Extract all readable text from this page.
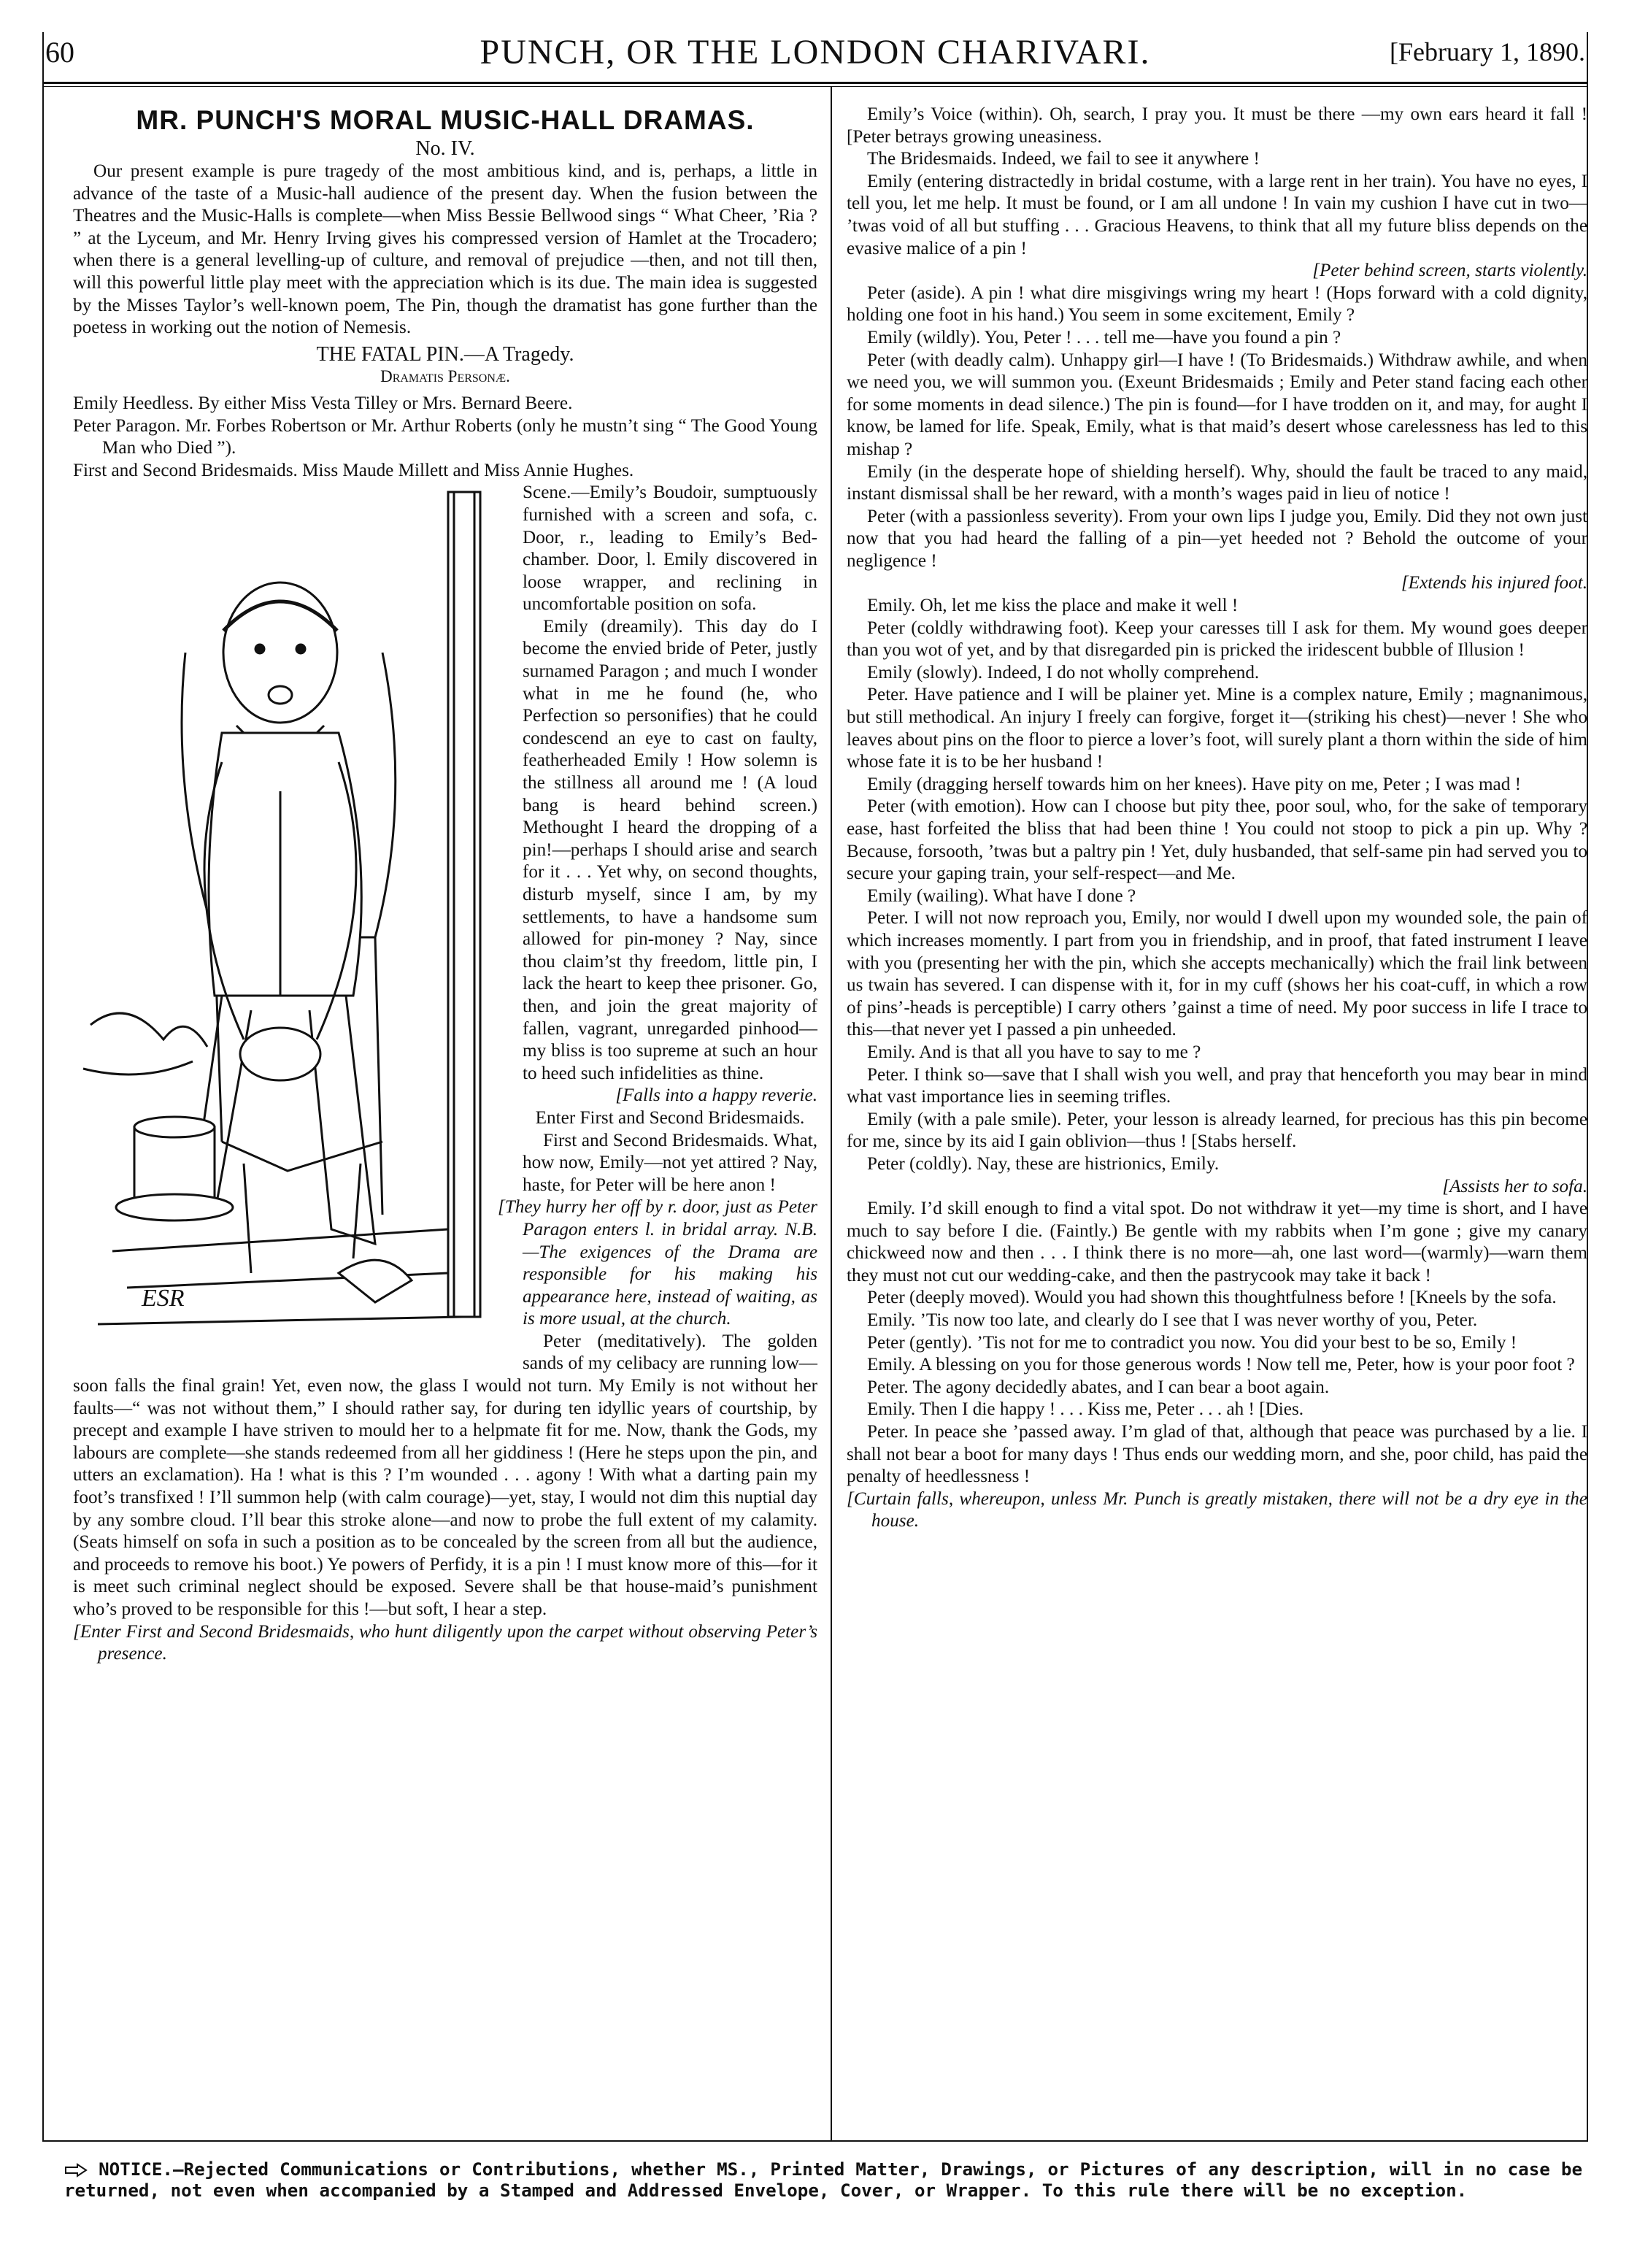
60	PUNCH, OR THE LONDON CHARIVARI.	[February 1, 1890.

MR. PUNCH'S MORAL MUSIC-HALL DRAMAS.

No. IV.

Our present example is pure tragedy of the most ambitious kind, and is, perhaps, a little in advance of the taste of a Music-hall audience of the present day. When the fusion between the Theatres and the Music-Halls is complete—when Miss Bessie Bellwood sings “ What Cheer, ’Ria ? ” at the Lyceum, and Mr. Henry Irving gives his compressed version of Hamlet at the Trocadero; when there is a general levelling-up of culture, and removal of prejudice —then, and not till then, will this powerful little play meet with the appreciation which is its due. The main idea is suggested by the Misses Taylor’s well-known poem, The Pin, though the dramatist has gone further than the poetess in working out the notion of Nemesis.

THE FATAL PIN.—A Tragedy.

Dramatis Personæ.

Emily Heedless. By either Miss Vesta Tilley or Mrs. Bernard Beere.

Peter Paragon. Mr. Forbes Robertson or Mr. Arthur Roberts (only he mustn’t sing “ The Good Young Man who Died ”).

First and Second Bridesmaids. Miss Maude Millett and Miss Annie Hughes.

ESR

Scene.—Emily’s Boudoir, sumptuously furnished with a screen and sofa, c. Door, r., leading to Emily’s Bed-chamber. Door, l. Emily discovered in loose wrapper, and reclining in uncomfortable position on sofa.

Emily (dreamily). This day do I become the envied bride of Peter, justly surnamed Paragon ; and much I wonder what in me he found (he, who Perfection so personifies) that he could condescend an eye to cast on faulty, featherheaded Emily ! How solemn is the stillness all around me ! (A loud bang is heard behind screen.) Methought I heard the dropping of a pin!—perhaps I should arise and search for it . . . Yet why, on second thoughts, disturb myself, since I am, by my settlements, to have a handsome sum allowed for pin-money ? Nay, since thou claim’st thy freedom, little pin, I lack the heart to keep thee prisoner. Go, then, and join the great majority of fallen, vagrant, unregarded pinhood—my bliss is too supreme at such an hour to heed such infidelities as thine.

[Falls into a happy reverie.

Enter First and Second Bridesmaids.

First and Second Bridesmaids. What, how now, Emily—not yet attired ? Nay, haste, for Peter will be here anon !

[They hurry her off by r. door, just as Peter Paragon enters l. in bridal array. N.B.—The exigences of the Drama are responsible for his making his appearance here, instead of waiting, as is more usual, at the church.

Peter (meditatively). The golden sands of my celibacy are running low—soon falls the final grain! Yet, even now, the glass I would not turn. My Emily is not without her faults—“ was not without them,” I should rather say, for during ten idyllic years of courtship, by precept and example I have striven to mould her to a helpmate fit for me. Now, thank the Gods, my labours are complete—she stands redeemed from all her giddiness ! (Here he steps upon the pin, and utters an exclamation). Ha ! what is this ? I’m wounded . . . agony ! With what a darting pain my foot’s transfixed ! I’ll summon help (with calm courage)—yet, stay, I would not dim this nuptial day by any sombre cloud. I’ll bear this stroke alone—and now to probe the full extent of my calamity. (Seats himself on sofa in such a position as to be concealed by the screen from all but the audience, and proceeds to remove his boot.) Ye powers of Perfidy, it is a pin ! I must know more of this—for it is meet such criminal neglect should be exposed. Severe shall be that house-maid’s punishment who’s proved to be responsible for this !—but soft, I hear a step.

[Enter First and Second Bridesmaids, who hunt diligently upon the carpet without observing Peter’s presence.

Emily’s Voice (within). Oh, search, I pray you. It must be there —my own ears heard it fall ! [Peter betrays growing uneasiness.

The Bridesmaids. Indeed, we fail to see it anywhere !

Emily (entering distractedly in bridal costume, with a large rent in her train). You have no eyes, I tell you, let me help. It must be found, or I am all undone ! In vain my cushion I have cut in two— ’twas void of all but stuffing . . . Gracious Heavens, to think that all my future bliss depends on the evasive malice of a pin !

[Peter behind screen, starts violently.

Peter (aside). A pin ! what dire misgivings wring my heart ! (Hops forward with a cold dignity, holding one foot in his hand.) You seem in some excitement, Emily ?

Emily (wildly). You, Peter ! . . . tell me—have you found a pin ?

Peter (with deadly calm). Unhappy girl—I have ! (To Bridesmaids.) Withdraw awhile, and when we need you, we will summon you. (Exeunt Bridesmaids ; Emily and Peter stand facing each other for some moments in dead silence.) The pin is found—for I have trodden on it, and may, for aught I know, be lamed for life. Speak, Emily, what is that maid’s desert whose carelessness has led to this mishap ?

Emily (in the desperate hope of shielding herself). Why, should the fault be traced to any maid, instant dismissal shall be her reward, with a month’s wages paid in lieu of notice !

Peter (with a passionless severity). From your own lips I judge you, Emily. Did they not own just now that you had heard the falling of a pin—yet heeded not ? Behold the outcome of your negligence !

[Extends his injured foot.

Emily. Oh, let me kiss the place and make it well !

Peter (coldly withdrawing foot). Keep your caresses till I ask for them. My wound goes deeper than you wot of yet, and by that disregarded pin is pricked the iridescent bubble of Illusion !

Emily (slowly). Indeed, I do not wholly comprehend.

Peter. Have patience and I will be plainer yet. Mine is a complex nature, Emily ; magnanimous, but still methodical. An injury I freely can forgive, forget it—(striking his chest)—never ! She who leaves about pins on the floor to pierce a lover’s foot, will surely plant a thorn within the side of him whose fate it is to be her husband !

Emily (dragging herself towards him on her knees). Have pity on me, Peter ; I was mad !

Peter (with emotion). How can I choose but pity thee, poor soul, who, for the sake of temporary ease, hast forfeited the bliss that had been thine ! You could not stoop to pick a pin up. Why ? Because, forsooth, ’twas but a paltry pin ! Yet, duly husbanded, that self-same pin had served you to secure your gaping train, your self-respect—and Me.

Emily (wailing). What have I done ?

Peter. I will not now reproach you, Emily, nor would I dwell upon my wounded sole, the pain of which increases momently. I part from you in friendship, and in proof, that fated instrument I leave with you (presenting her with the pin, which she accepts mechanically) which the frail link between us twain has severed. I can dispense with it, for in my cuff (shows her his coat-cuff, in which a row of pins’-heads is perceptible) I carry others ’gainst a time of need. My poor success in life I trace to this—that never yet I passed a pin unheeded.

Emily. And is that all you have to say to me ?

Peter. I think so—save that I shall wish you well, and pray that henceforth you may bear in mind what vast importance lies in seeming trifles.

Emily (with a pale smile). Peter, your lesson is already learned, for precious has this pin become for me, since by its aid I gain oblivion—thus ! [Stabs herself.

Peter (coldly). Nay, these are histrionics, Emily.

[Assists her to sofa.

Emily. I’d skill enough to find a vital spot. Do not withdraw it yet—my time is short, and I have much to say before I die. (Faintly.) Be gentle with my rabbits when I’m gone ; give my canary chickweed now and then . . . I think there is no more—ah, one last word—(warmly)—warn them they must not cut our wedding-cake, and then the pastrycook may take it back !

Peter (deeply moved). Would you had shown this thoughtfulness before ! [Kneels by the sofa.

Emily. ’Tis now too late, and clearly do I see that I was never worthy of you, Peter.

Peter (gently). ’Tis not for me to contradict you now. You did your best to be so, Emily !

Emily. A blessing on you for those generous words ! Now tell me, Peter, how is your poor foot ?

Peter. The agony decidedly abates, and I can bear a boot again.

Emily. Then I die happy ! . . . Kiss me, Peter . . . ah ! [Dies.

Peter. In peace she ’passed away. I’m glad of that, although that peace was purchased by a lie. I shall not bear a boot for many days ! Thus ends our wedding morn, and she, poor child, has paid the penalty of heedlessness !

[Curtain falls, whereupon, unless Mr. Punch is greatly mistaken, there will not be a dry eye in the house.

NOTICE.—Rejected Communications or Contributions, whether MS., Printed Matter, Drawings, or Pictures of any description, will in no case be returned, not even when accompanied by a Stamped and Addressed Envelope, Cover, or Wrapper. To this rule there will be no exception.
